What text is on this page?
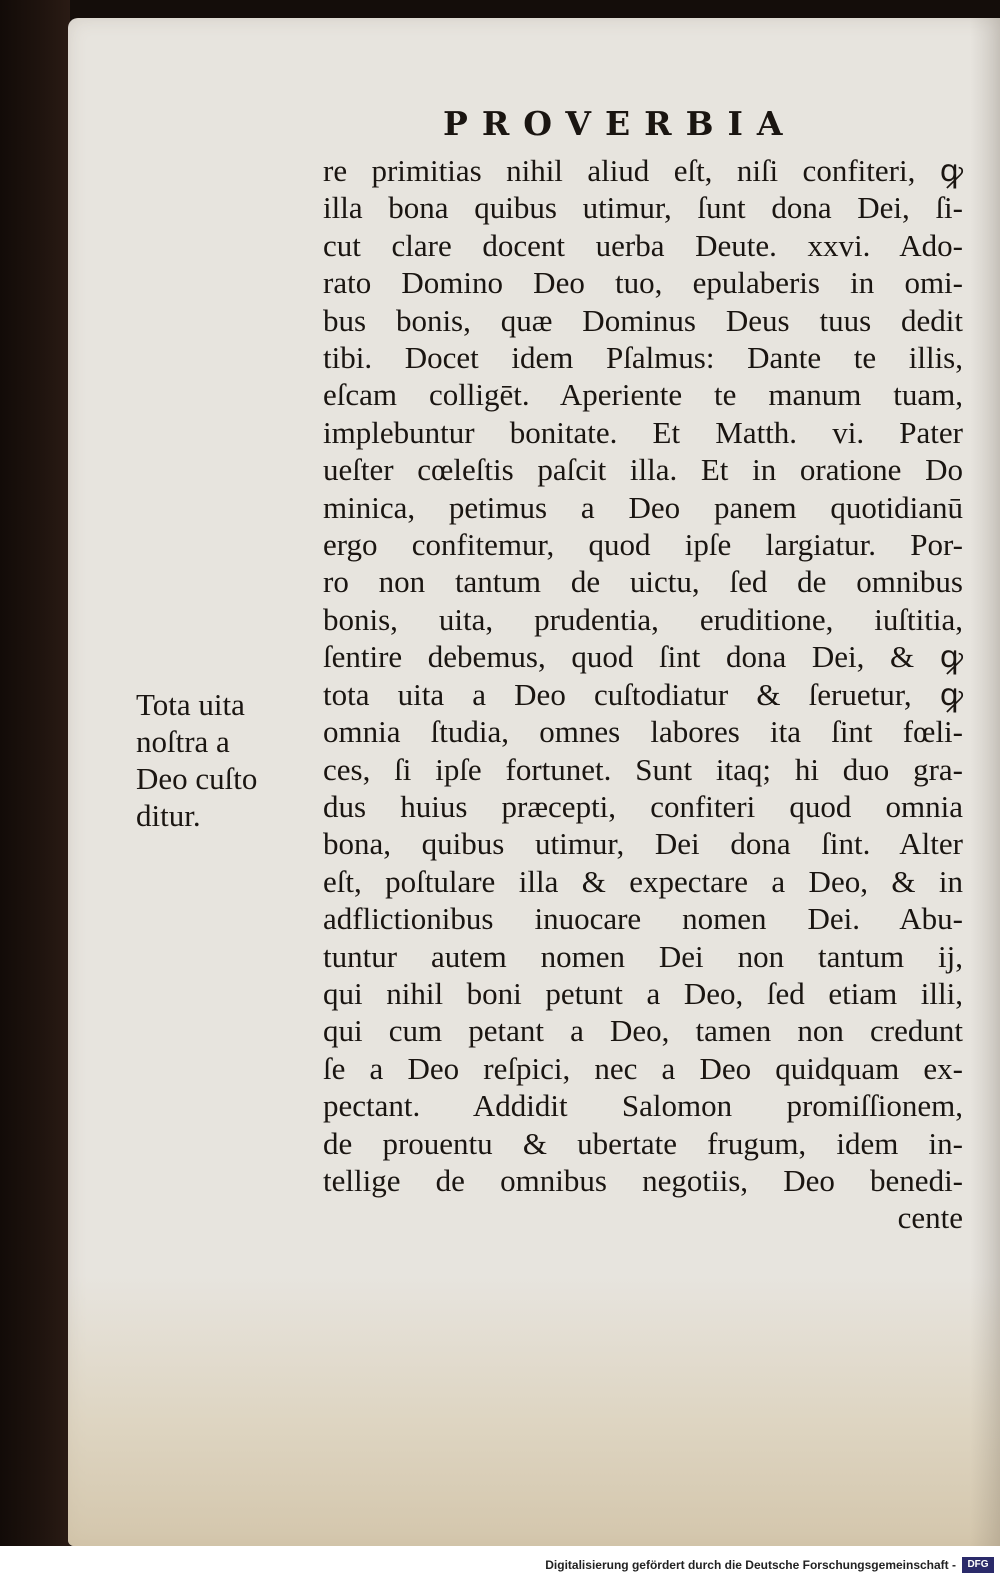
PROVERBIA
Tota uita
noſtra a
Deo cuſto
ditur.
re primitias nihil aliud eſt, niſi confiteri, ꝙ
illa bona quibus utimur, ſunt dona Dei, ſi-
cut clare docent uerba Deute. xxvi. Ado-
rato Domino Deo tuo, epulaberis in omi-
bus bonis, quæ Dominus Deus tuus dedit
tibi. Docet idem Pſalmus: Dante te illis,
eſcam colligēt. Aperiente te manum tuam,
implebuntur bonitate. Et Matth. vi. Pater
ueſter cœleſtis paſcit illa. Et in oratione Do
minica, petimus a Deo panem quotidianū
ergo confitemur, quod ipſe largiatur. Por-
ro non tantum de uictu, ſed de omnibus
bonis, uita, prudentia, eruditione, iuſtitia,
ſentire debemus, quod ſint dona Dei, & ꝙ
tota uita a Deo cuſtodiatur & ſeruetur, ꝙ
omnia ſtudia, omnes labores ita ſint fœli-
ces, ſi ipſe fortunet. Sunt itaq; hi duo gra-
dus huius præcepti, confiteri quod omnia
bona, quibus utimur, Dei dona ſint. Alter
eſt, poſtulare illa & expectare a Deo, & in
adflictionibus inuocare nomen Dei. Abu-
tuntur autem nomen Dei non tantum ij,
qui nihil boni petunt a Deo, ſed etiam illi,
qui cum petant a Deo, tamen non credunt
ſe a Deo reſpici, nec a Deo quidquam ex-
pectant. Addidit Salomon promiſſionem,
de prouentu & ubertate frugum, idem in-
tellige de omnibus negotiis, Deo benedi-
cente
Digitalisierung gefördert durch die Deutsche Forschungsgemeinschaft -	DFG
